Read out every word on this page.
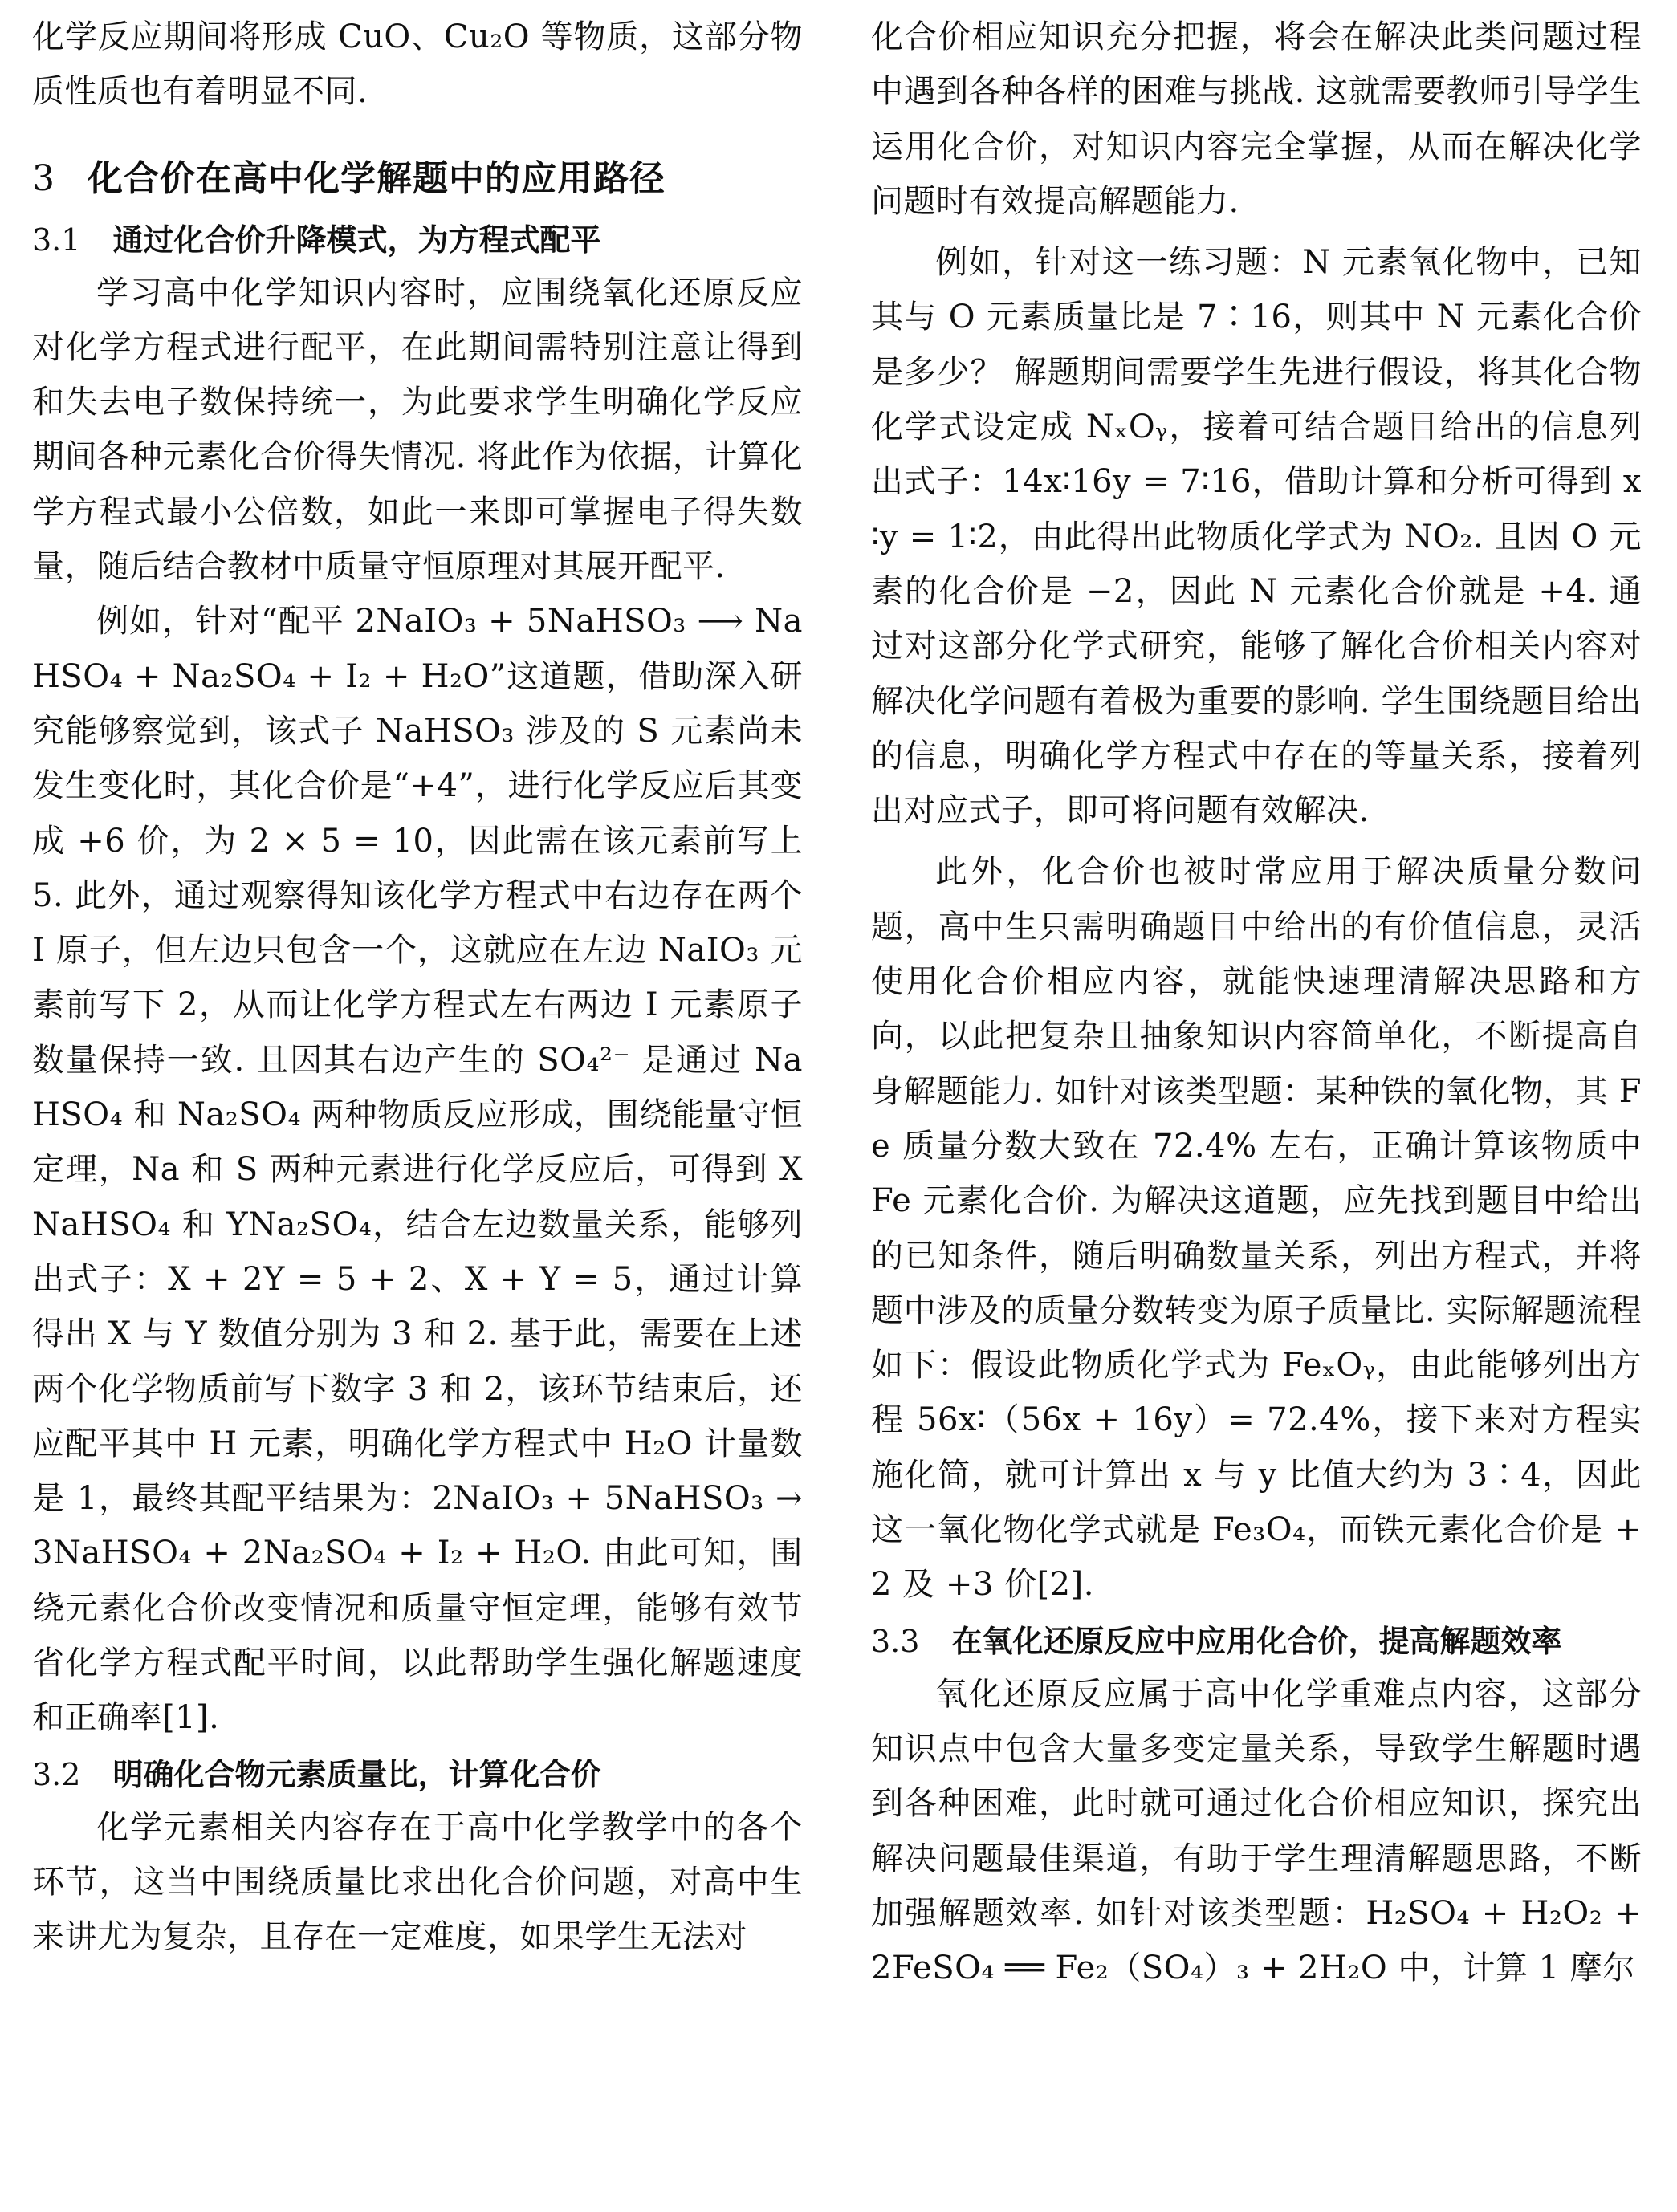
化学反应期间将形成 CuO、Cu₂O 等物质，这部分物质性质也有着明显不同.

3 化合价在高中化学解题中的应用路径
3.1 通过化合价升降模式，为方程式配平

学习高中化学知识内容时，应围绕氧化还原反应对化学方程式进行配平，在此期间需特别注意让得到和失去电子数保持统一，为此要求学生明确化学反应期间各种元素化合价得失情况. 将此作为依据，计算化学方程式最小公倍数，如此一来即可掌握电子得失数量，随后结合教材中质量守恒原理对其展开配平.

例如，针对“配平 2NaIO₃ + 5NaHSO₃ ⟶ NaHSO₄ + Na₂SO₄ + I₂ + H₂O”这道题，借助深入研究能够察觉到，该式子 NaHSO₃ 涉及的 S 元素尚未发生变化时，其化合价是“+4”，进行化学反应后其变成 +6 价，为 2 × 5 = 10，因此需在该元素前写上 5. 此外，通过观察得知该化学方程式中右边存在两个 I 原子，但左边只包含一个，这就应在左边 NaIO₃ 元素前写下 2，从而让化学方程式左右两边 I 元素原子数量保持一致. 且因其右边产生的 SO₄²⁻ 是通过 NaHSO₄ 和 Na₂SO₄ 两种物质反应形成，围绕能量守恒定理，Na 和 S 两种元素进行化学反应后，可得到 XNaHSO₄ 和 YNa₂SO₄，结合左边数量关系，能够列出式子：X + 2Y = 5 + 2、X + Y = 5，通过计算得出 X 与 Y 数值分别为 3 和 2. 基于此，需要在上述两个化学物质前写下数字 3 和 2，该环节结束后，还应配平其中 H 元素，明确化学方程式中 H₂O 计量数是 1，最终其配平结果为：2NaIO₃ + 5NaHSO₃ → 3NaHSO₄ + 2Na₂SO₄ + I₂ + H₂O. 由此可知，围绕元素化合价改变情况和质量守恒定理，能够有效节省化学方程式配平时间，以此帮助学生强化解题速度和正确率[1].

3.2 明确化合物元素质量比，计算化合价

化学元素相关内容存在于高中化学教学中的各个环节，这当中围绕质量比求出化合价问题，对高中生来讲尤为复杂，且存在一定难度，如果学生无法对

化合价相应知识充分把握，将会在解决此类问题过程中遇到各种各样的困难与挑战. 这就需要教师引导学生运用化合价，对知识内容完全掌握，从而在解决化学问题时有效提高解题能力.

例如，针对这一练习题：N 元素氧化物中，已知其与 O 元素质量比是 7∶16，则其中 N 元素化合价是多少？ 解题期间需要学生先进行假设，将其化合物化学式设定成 NₓOᵧ，接着可结合题目给出的信息列出式子：14x∶16y = 7∶16，借助计算和分析可得到 x∶y = 1∶2，由此得出此物质化学式为 NO₂. 且因 O 元素的化合价是 −2，因此 N 元素化合价就是 +4. 通过对这部分化学式研究，能够了解化合价相关内容对解决化学问题有着极为重要的影响. 学生围绕题目给出的信息，明确化学方程式中存在的等量关系，接着列出对应式子，即可将问题有效解决.

此外，化合价也被时常应用于解决质量分数问题，高中生只需明确题目中给出的有价值信息，灵活使用化合价相应内容，就能快速理清解决思路和方向，以此把复杂且抽象知识内容简单化，不断提高自身解题能力. 如针对该类型题：某种铁的氧化物，其 Fe 质量分数大致在 72.4% 左右，正确计算该物质中 Fe 元素化合价. 为解决这道题，应先找到题目中给出的已知条件，随后明确数量关系，列出方程式，并将题中涉及的质量分数转变为原子质量比. 实际解题流程如下：假设此物质化学式为 FeₓOᵧ，由此能够列出方程 56x∶（56x + 16y）= 72.4%，接下来对方程实施化简，就可计算出 x 与 y 比值大约为 3∶4，因此这一氧化物化学式就是 Fe₃O₄，而铁元素化合价是 +2 及 +3 价[2].

3.3 在氧化还原反应中应用化合价，提高解题效率

氧化还原反应属于高中化学重难点内容，这部分知识点中包含大量多变定量关系，导致学生解题时遇到各种困难，此时就可通过化合价相应知识，探究出解决问题最佳渠道，有助于学生理清解题思路，不断加强解题效率. 如针对该类型题：H₂SO₄ + H₂O₂ + 2FeSO₄ ══ Fe₂（SO₄）₃ + 2H₂O 中，计算 1 摩尔
